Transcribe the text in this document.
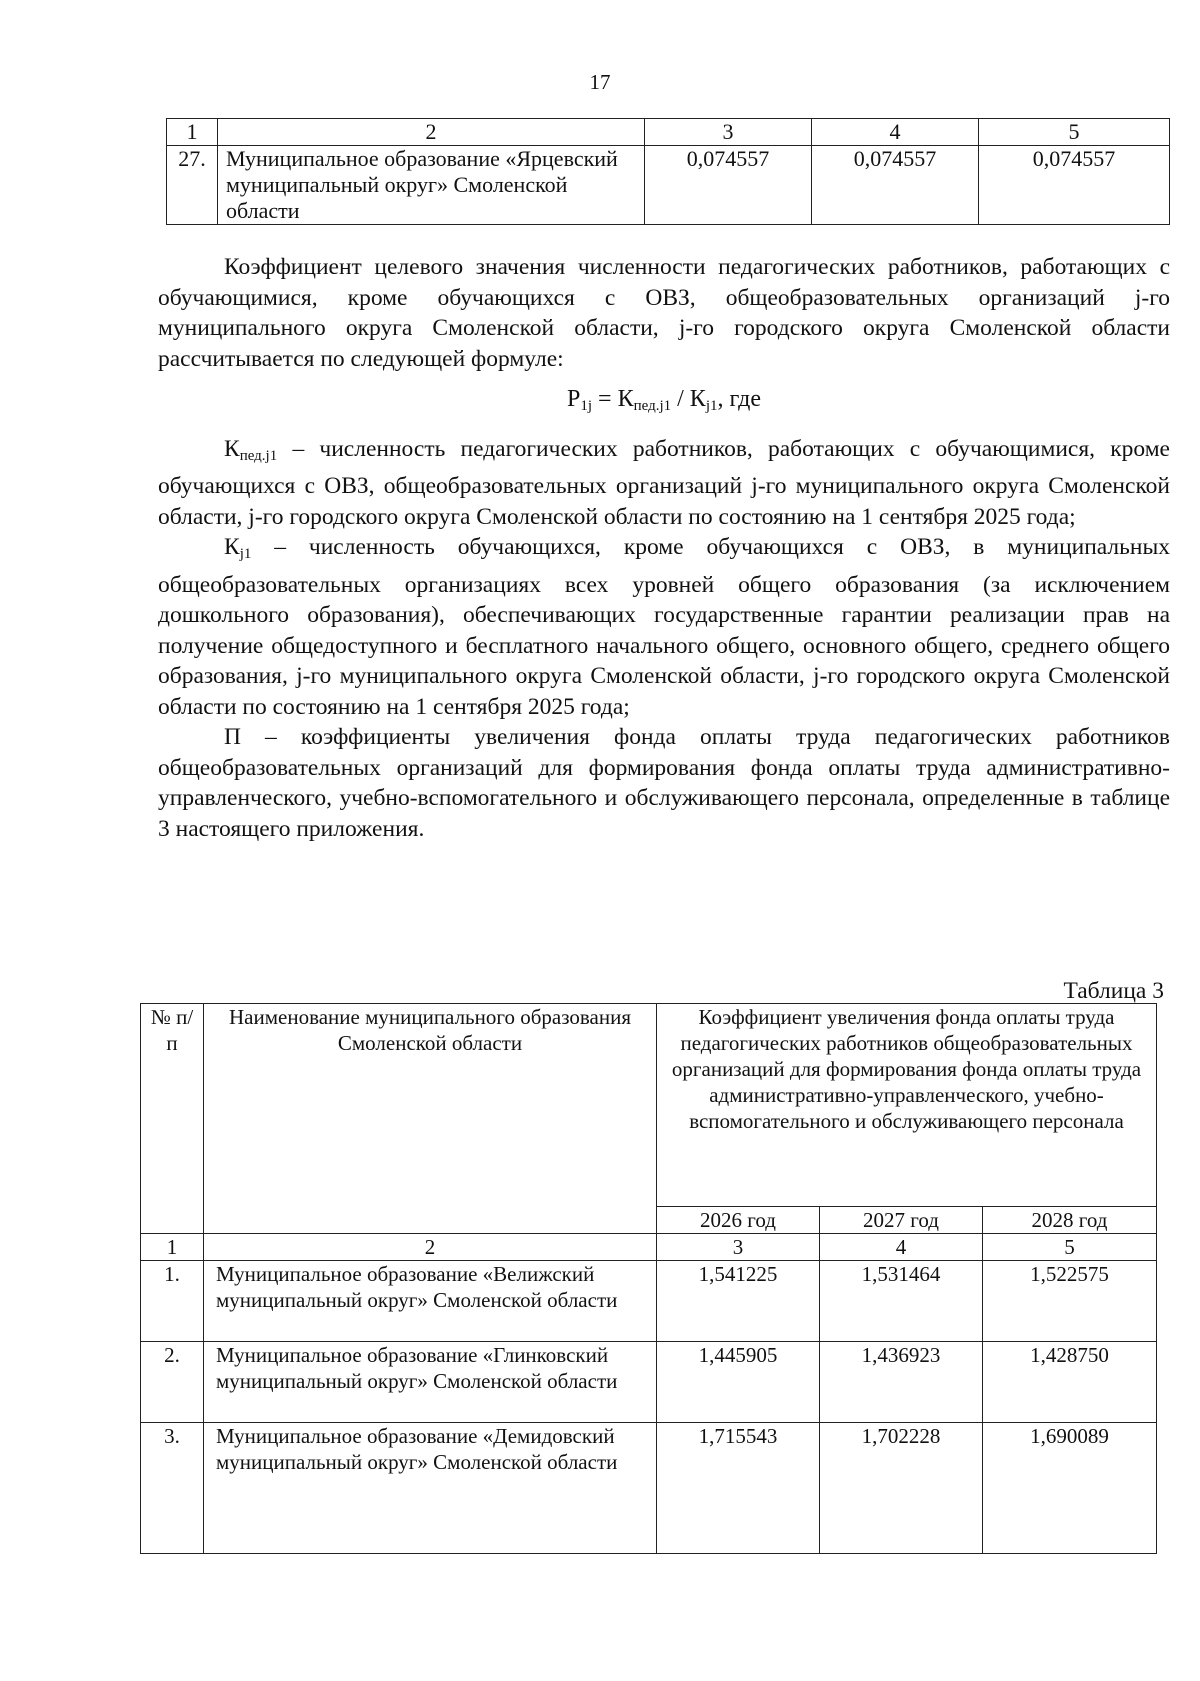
17
1	2	3	4	5
27.	Муниципальное образование «Ярцевский муниципальный округ» Смоленской области	0,074557	0,074557	0,074557

Коэффициент целевого значения численности педагогических работников, работающих с обучающимися, кроме обучающихся с ОВЗ, общеобразовательных организаций j-го муниципального округа Смоленской области, j-го городского округа Смоленской области рассчитывается по следующей формуле:

$P_{1j} = К_{пед.j1} / К_{j1}$, где

$К_{пед.j1}$ – численность педагогических работников, работающих с обучающимися, кроме обучающихся с ОВЗ, общеобразовательных организаций j-го муниципального округа Смоленской области, j-го городского округа Смоленской области по состоянию на 1 сентября 2025 года;

$К_{j1}$ – численность обучающихся, кроме обучающихся с ОВЗ, в муниципальных общеобразовательных организациях всех уровней общего образования (за исключением дошкольного образования), обеспечивающих государственные гарантии реализации прав на получение общедоступного и бесплатного начального общего, основного общего, среднего общего образования, j-го муниципального округа Смоленской области, j-го городского округа Смоленской области по состоянию на 1 сентября 2025 года;

П – коэффициенты увеличения фонда оплаты труда педагогических работников общеобразовательных организаций для формирования фонда оплаты труда административно-управленческого, учебно-вспомогательного и обслуживающего персонала, определенные в таблице 3 настоящего приложения.

Таблица 3
№ п/п	Наименование муниципального образования Смоленской области	Коэффициент увеличения фонда оплаты труда педагогических работников общеобразовательных организаций для формирования фонда оплаты труда административно-управленческого, учебно-вспомогательного и обслуживающего персонала		
		2026 год	2027 год	2028 год
1	2	3	4	5
1.	Муниципальное образование «Велижский муниципальный округ» Смоленской области	1,541225	1,531464	1,522575
2.	Муниципальное образование «Глинковский муниципальный округ» Смоленской области	1,445905	1,436923	1,428750
3.	Муниципальное образование «Демидовский муниципальный округ» Смоленской области	1,715543	1,702228	1,690089
